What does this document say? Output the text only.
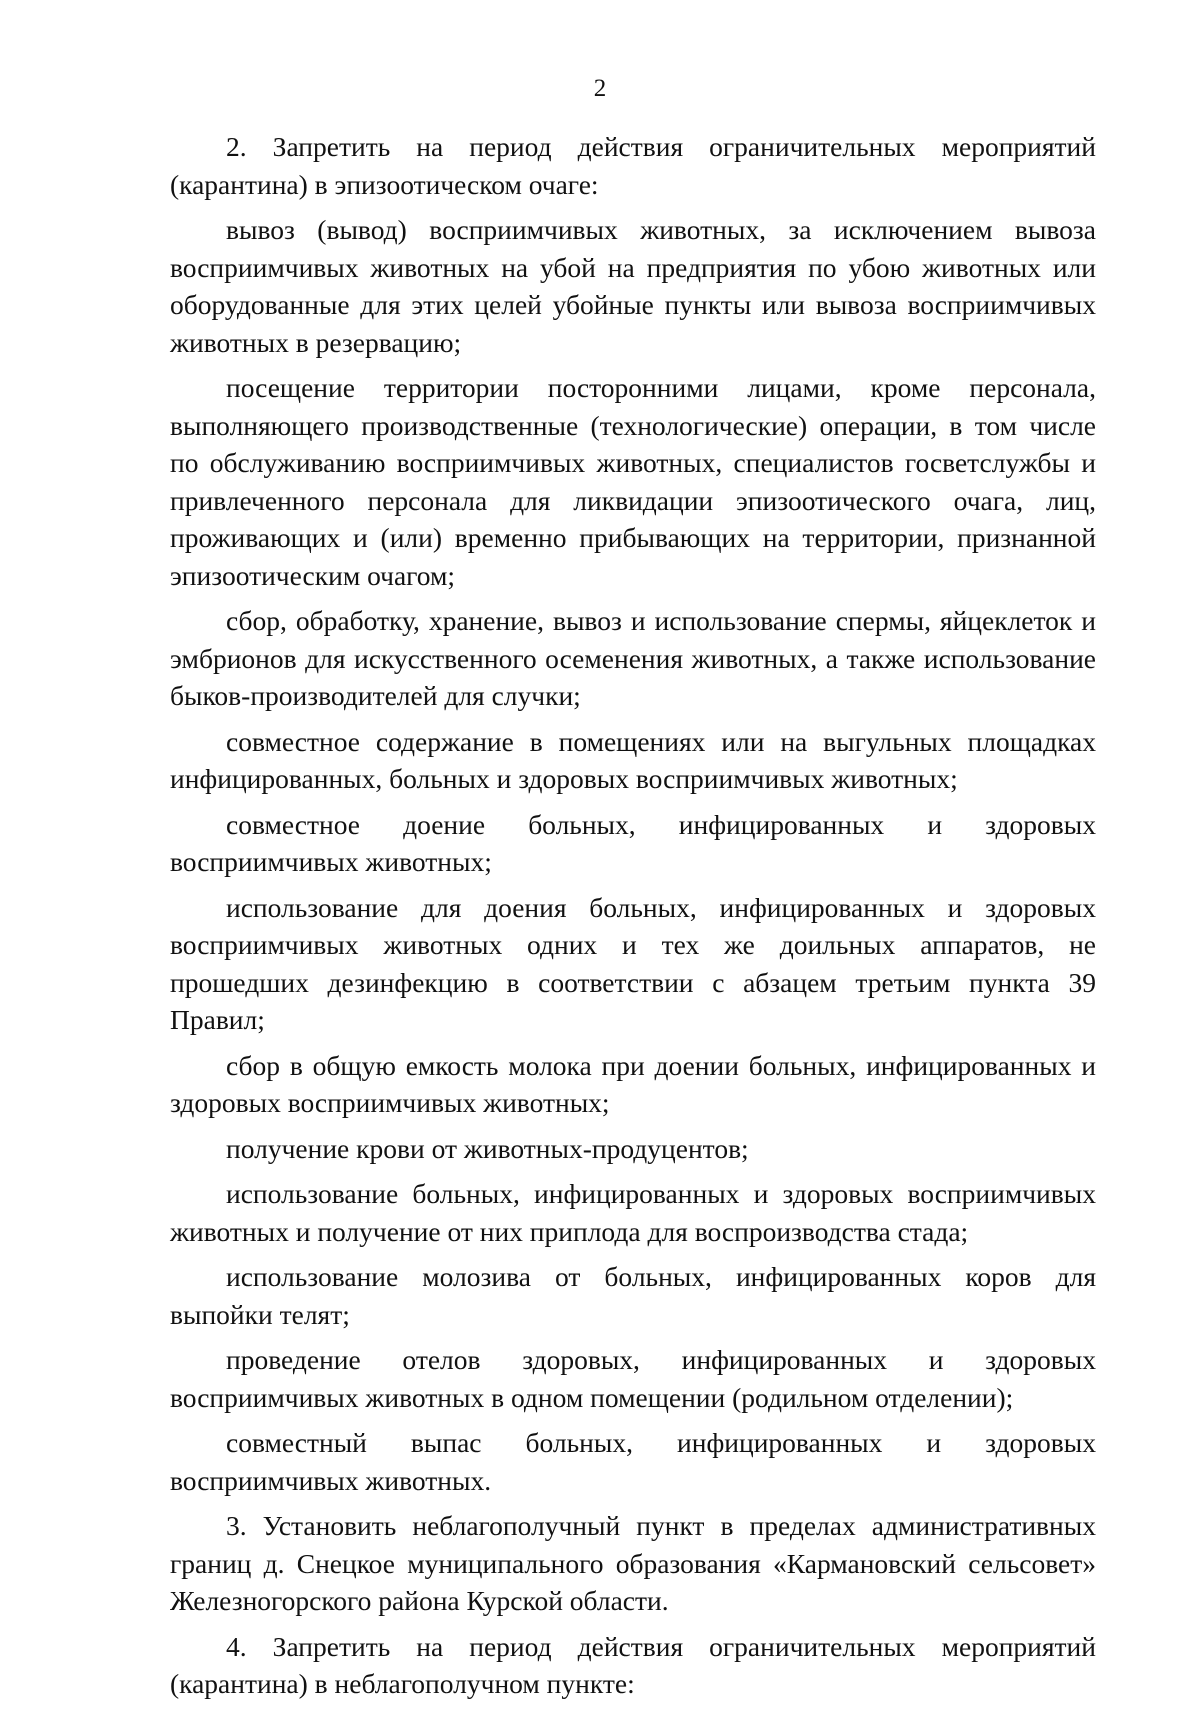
2

2. Запретить на период действия ограничительных мероприятий (карантина) в эпизоотическом очаге:

вывоз (вывод) восприимчивых животных, за исключением вывоза восприимчивых животных на убой на предприятия по убою животных или оборудованные для этих целей убойные пункты или вывоза восприимчивых животных в резервацию;

посещение территории посторонними лицами, кроме персонала, выполняющего производственные (технологические) операции, в том числе по обслуживанию восприимчивых животных, специалистов госветслужбы и привлеченного персонала для ликвидации эпизоотического очага, лиц, проживающих и (или) временно прибывающих на территории, признанной эпизоотическим очагом;

сбор, обработку, хранение, вывоз и использование спермы, яйцеклеток и эмбрионов для искусственного осеменения животных, а также использование быков-производителей для случки;

совместное содержание в помещениях или на выгульных площадках инфицированных, больных и здоровых восприимчивых животных;

совместное доение больных, инфицированных и здоровых восприимчивых животных;

использование для доения больных, инфицированных и здоровых восприимчивых животных одних и тех же доильных аппаратов, не прошедших дезинфекцию в соответствии с абзацем третьим пункта 39 Правил;

сбор в общую емкость молока при доении больных, инфицированных и здоровых восприимчивых животных;

получение крови от животных-продуцентов;

использование больных, инфицированных и здоровых восприимчивых животных и получение от них приплода для воспроизводства стада;

использование молозива от больных, инфицированных коров для выпойки телят;

проведение отелов здоровых, инфицированных и здоровых восприимчивых животных в одном помещении (родильном отделении);

совместный выпас больных, инфицированных и здоровых восприимчивых животных.

3. Установить неблагополучный пункт в пределах административных границ д. Снецкое муниципального образования «Кармановский сельсовет» Железногорского района Курской области.

4. Запретить на период действия ограничительных мероприятий (карантина) в неблагополучном пункте:
